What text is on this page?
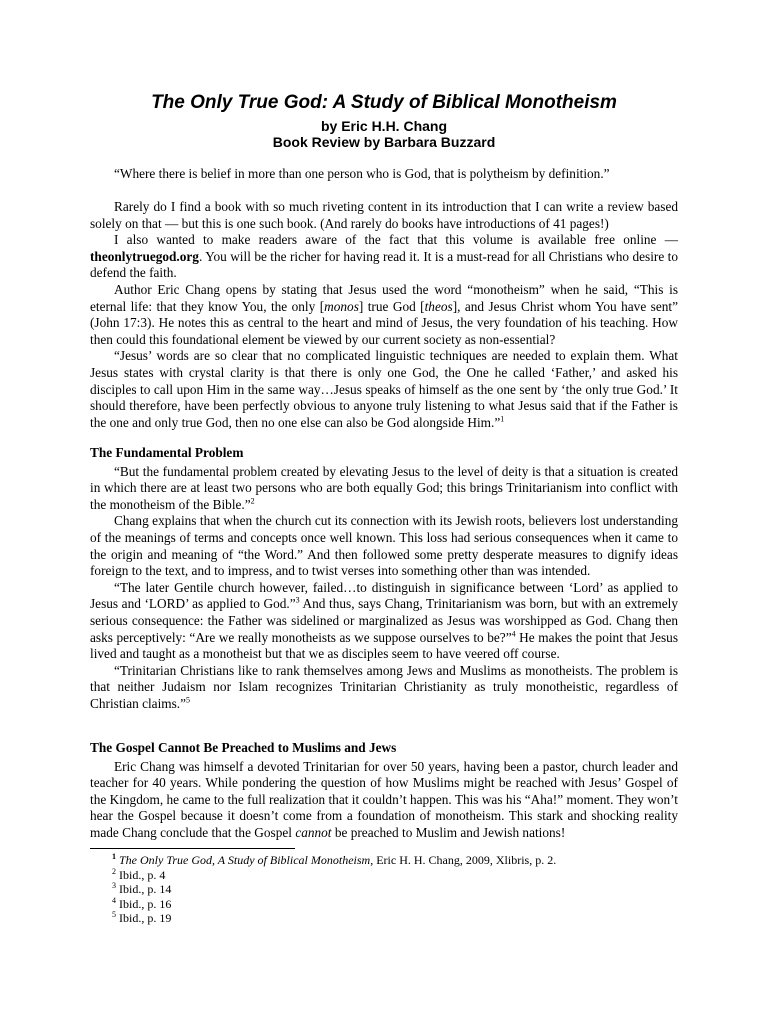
The Only True God: A Study of Biblical Monotheism
by Eric H.H. Chang
Book Review by Barbara Buzzard

“Where there is belief in more than one person who is God, that is polytheism by definition.”

Rarely do I find a book with so much riveting content in its introduction that I can write a review based solely on that — but this is one such book. (And rarely do books have introductions of 41 pages!)

I also wanted to make readers aware of the fact that this volume is available free online — theonlytruegod.org. You will be the richer for having read it. It is a must-read for all Christians who desire to defend the faith.

Author Eric Chang opens by stating that Jesus used the word “monotheism” when he said, “This is eternal life: that they know You, the only [monos] true God [theos], and Jesus Christ whom You have sent” (John 17:3). He notes this as central to the heart and mind of Jesus, the very foundation of his teaching. How then could this foundational element be viewed by our current society as non-essential?

“Jesus’ words are so clear that no complicated linguistic techniques are needed to explain them. What Jesus states with crystal clarity is that there is only one God, the One he called ‘Father,’ and asked his disciples to call upon Him in the same way…Jesus speaks of himself as the one sent by ‘the only true God.’ It should therefore, have been perfectly obvious to anyone truly listening to what Jesus said that if the Father is the one and only true God, then no one else can also be God alongside Him.”$^1$

The Fundamental Problem

“But the fundamental problem created by elevating Jesus to the level of deity is that a situation is created in which there are at least two persons who are both equally God; this brings Trinitarianism into conflict with the monotheism of the Bible.”$^2$

Chang explains that when the church cut its connection with its Jewish roots, believers lost understanding of the meanings of terms and concepts once well known. This loss had serious consequences when it came to the origin and meaning of “the Word.” And then followed some pretty desperate measures to dignify ideas foreign to the text, and to impress, and to twist verses into something other than was intended.

“The later Gentile church however, failed…to distinguish in significance between ‘Lord’ as applied to Jesus and ‘LORD’ as applied to God.”$^3$ And thus, says Chang, Trinitarianism was born, but with an extremely serious consequence: the Father was sidelined or marginalized as Jesus was worshipped as God. Chang then asks perceptively: “Are we really monotheists as we suppose ourselves to be?”$^4$ He makes the point that Jesus lived and taught as a monotheist but that we as disciples seem to have veered off course.

“Trinitarian Christians like to rank themselves among Jews and Muslims as monotheists. The problem is that neither Judaism nor Islam recognizes Trinitarian Christianity as truly monotheistic, regardless of Christian claims.”$^5$

The Gospel Cannot Be Preached to Muslims and Jews

Eric Chang was himself a devoted Trinitarian for over 50 years, having been a pastor, church leader and teacher for 40 years. While pondering the question of how Muslims might be reached with Jesus’ Gospel of the Kingdom, he came to the full realization that it couldn’t happen. This was his “Aha!” moment. They won’t hear the Gospel because it doesn’t come from a foundation of monotheism. This stark and shocking reality made Chang conclude that the Gospel cannot be preached to Muslim and Jewish nations!

$^1$ The Only True God, A Study of Biblical Monotheism, Eric H. H. Chang, 2009, Xlibris, p. 2.
$^2$ Ibid., p. 4
$^3$ Ibid., p. 14
$^4$ Ibid., p. 16
$^5$ Ibid., p. 19
